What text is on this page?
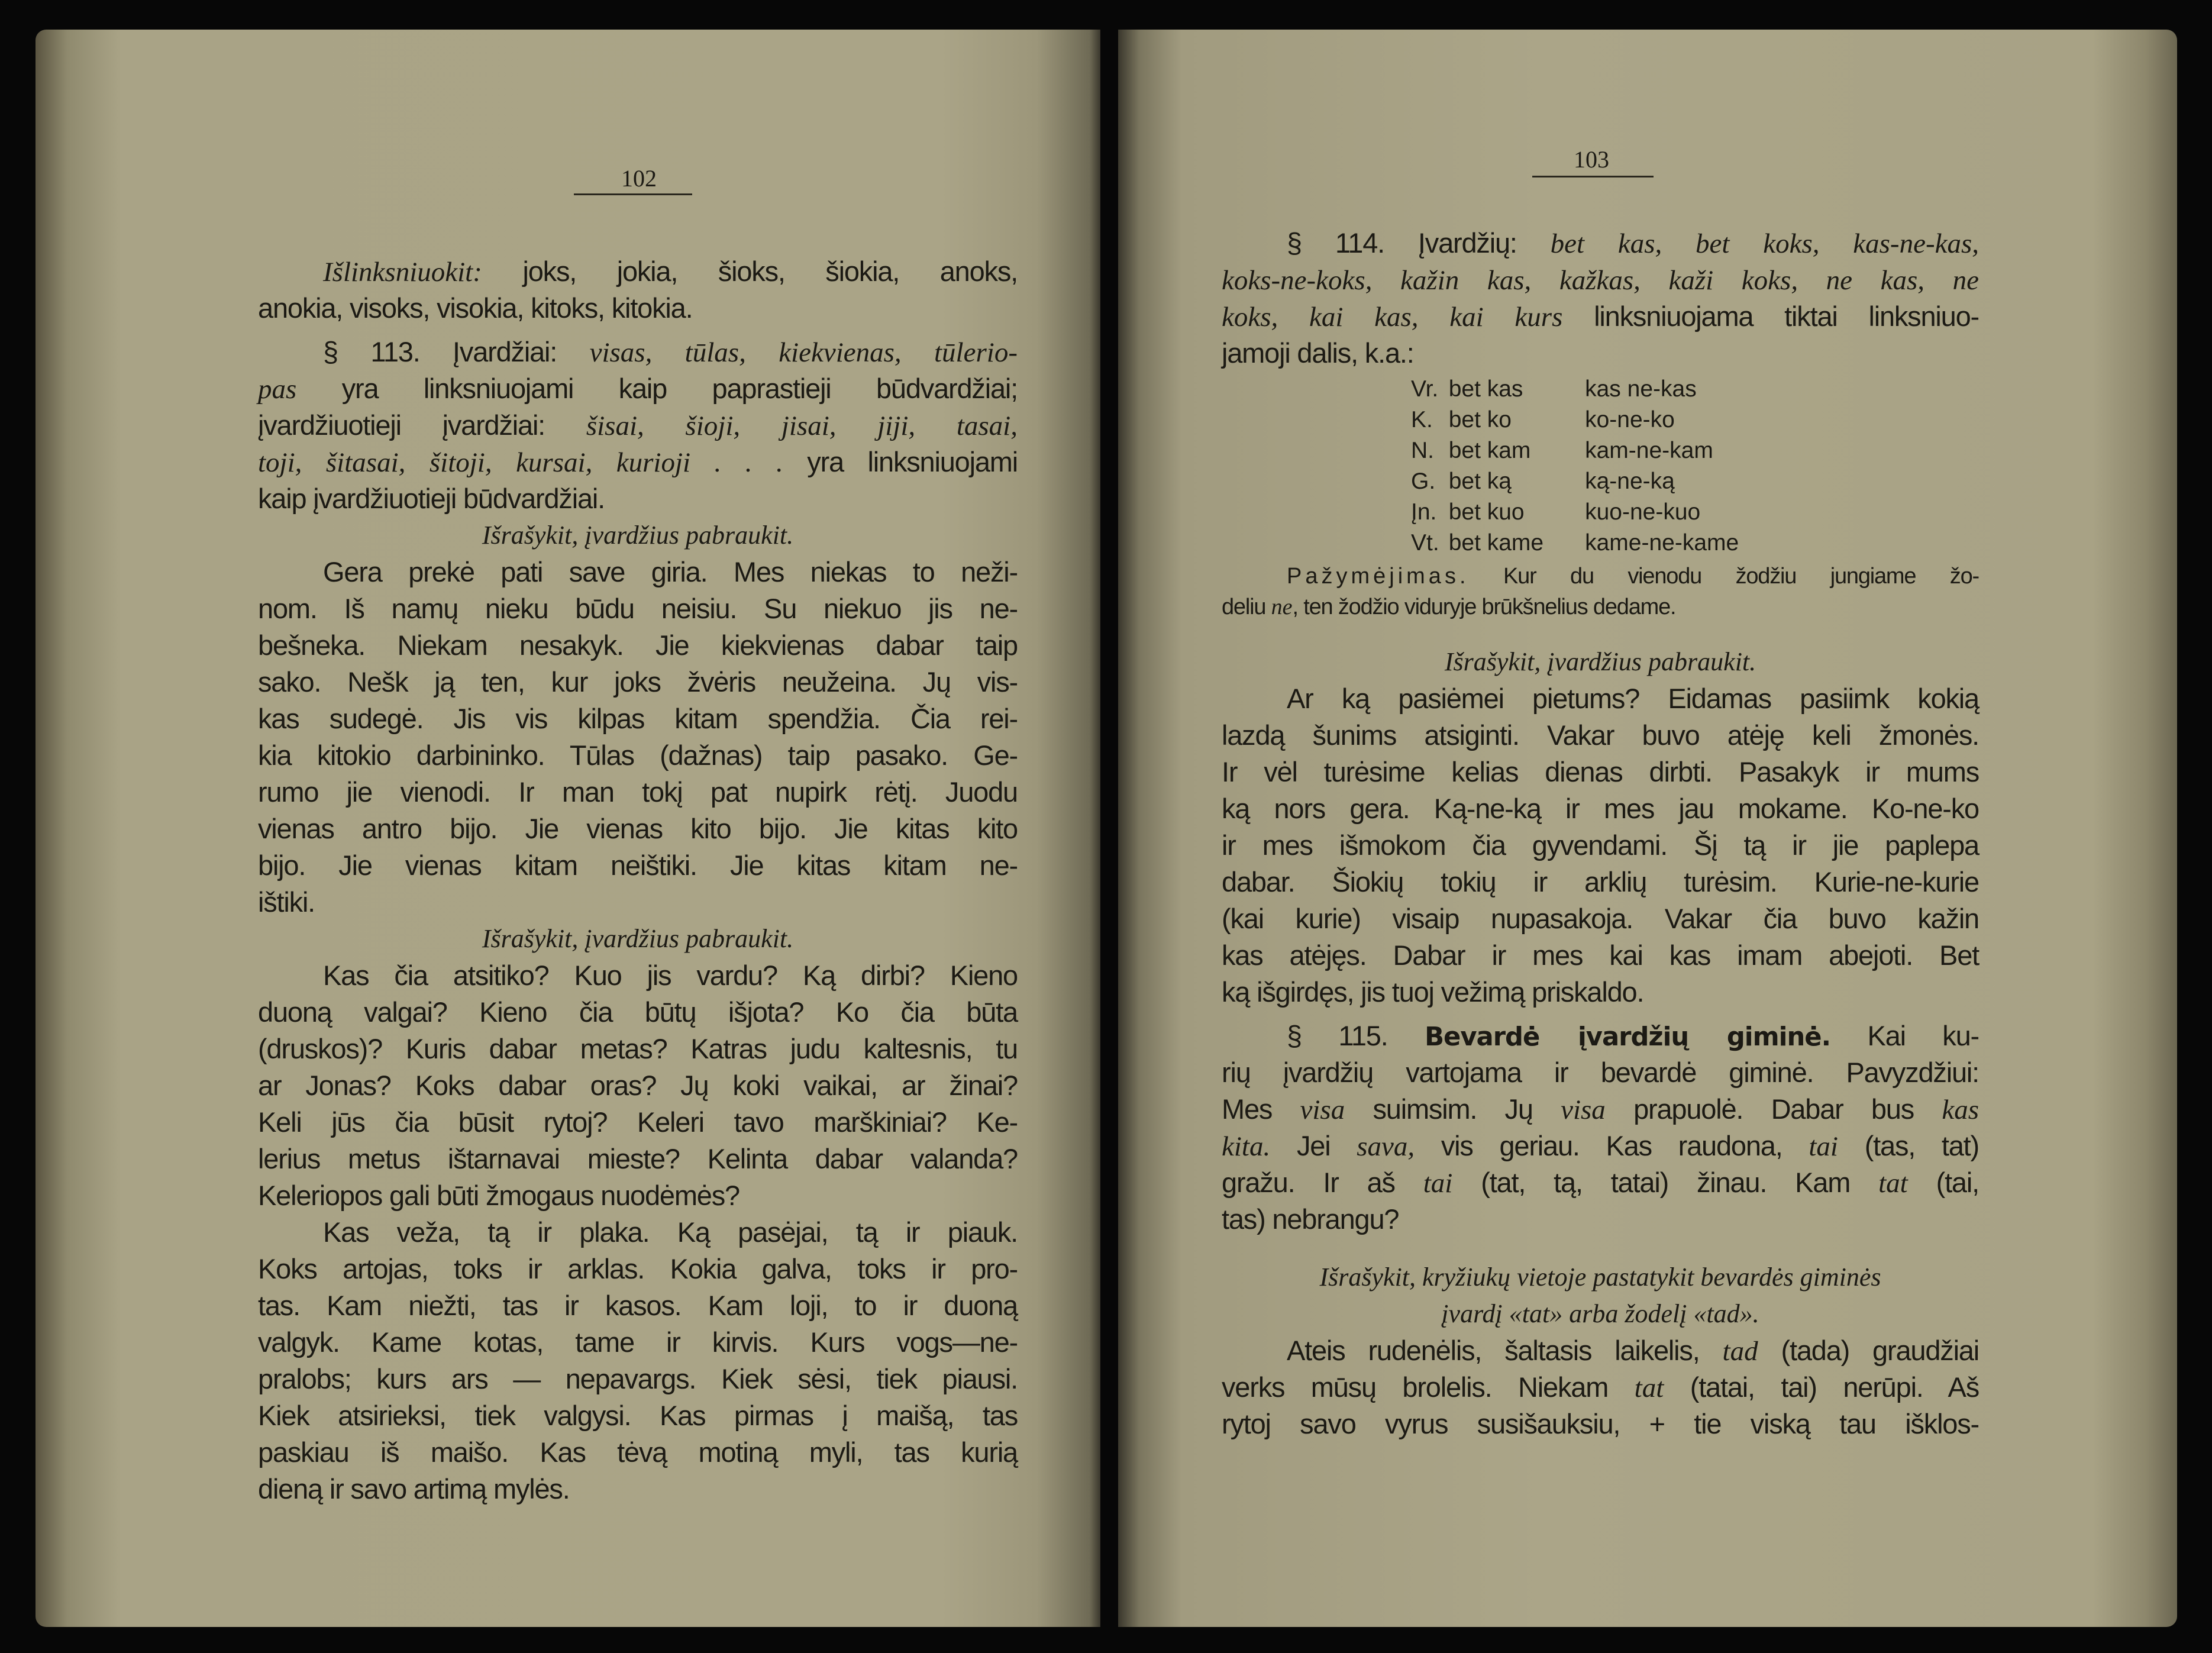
102
Išlinksniuokit: joks, jokia, šioks, šiokia, anoks,
anokia, visoks, visokia, kitoks, kitokia.
§ 113. Įvardžiai: visas, tūlas, kiekvienas, tūlerio-
pas yra linksniuojami kaip paprastieji būdvardžiai;
įvardžiuotieji įvardžiai: šisai, šioji, jisai, jiji, tasai,
toji, šitasai, šitoji, kursai, kurioji . . . yra linksniuojami
kaip įvardžiuotieji būdvardžiai.
Išrašykit, įvardžius pabraukit.
Gera prekė pati save giria. Mes niekas to neži-
nom. Iš namų nieku būdu neisiu. Su niekuo jis ne-
bešneka. Niekam nesakyk. Jie kiekvienas dabar taip
sako. Nešk ją ten, kur joks žvėris neužeina. Jų vis-
kas sudegė. Jis vis kilpas kitam spendžia. Čia rei-
kia kitokio darbininko. Tūlas (dažnas) taip pasako. Ge-
rumo jie vienodi. Ir man tokį pat nupirk rėtį. Juodu
vienas antro bijo. Jie vienas kito bijo. Jie kitas kito
bijo. Jie vienas kitam neištiki. Jie kitas kitam ne-
ištiki.
Išrašykit, įvardžius pabraukit.
Kas čia atsitiko? Kuo jis vardu? Ką dirbi? Kieno
duoną valgai? Kieno čia būtų išjota? Ko čia būta
(druskos)? Kuris dabar metas? Katras judu kaltesnis, tu
ar Jonas? Koks dabar oras? Jų koki vaikai, ar žinai?
Keli jūs čia būsit rytoj? Keleri tavo marškiniai? Ke-
lerius metus ištarnavai mieste? Kelinta dabar valanda?
Keleriopos gali būti žmogaus nuodėmės?
Kas veža, tą ir plaka. Ką pasėjai, tą ir piauk.
Koks artojas, toks ir arklas. Kokia galva, toks ir pro-
tas. Kam niežti, tas ir kasos. Kam loji, to ir duoną
valgyk. Kame kotas, tame ir kirvis. Kurs vogs—ne-
pralobs; kurs ars — nepavargs. Kiek sėsi, tiek piausi.
Kiek atsirieksi, tiek valgysi. Kas pirmas į maišą, tas
paskiau iš maišo. Kas tėvą motiną myli, tas kurią
dieną ir savo artimą mylės.
103
§ 114. Įvardžių: bet kas, bet koks, kas-ne-kas,
koks-ne-koks, kažin kas, kažkas, kaži koks, ne kas, ne
koks, kai kas, kai kurs linksniuojama tiktai linksniuo-
jamoji dalis, k.a.:
Vr.	bet kas	kas ne-kas
K.	bet ko	ko-ne-ko
N.	bet kam	kam-ne-kam
G.	bet ką	ką-ne-ką
Įn.	bet kuo	kuo-ne-kuo
Vt.	bet kame	kame-ne-kame
Pažymėjimas. Kur du vienodu žodžiu jungiame žo-
deliu ne, ten žodžio viduryje brūkšnelius dedame.
Išrašykit, įvardžius pabraukit.
Ar ką pasiėmei pietums? Eidamas pasiimk kokią
lazdą šunims atsiginti. Vakar buvo atėję keli žmonės.
Ir vėl turėsime kelias dienas dirbti. Pasakyk ir mums
ką nors gera. Ką-ne-ką ir mes jau mokame. Ko-ne-ko
ir mes išmokom čia gyvendami. Šį tą ir jie paplepa
dabar. Šiokių tokių ir arklių turėsim. Kurie-ne-kurie
(kai kurie) visaip nupasakoja. Vakar čia buvo kažin
kas atėjęs. Dabar ir mes kai kas imam abejoti. Bet
ką išgirdęs, jis tuoj vežimą priskaldo.
§ 115. Bevardė įvardžių giminė. Kai ku-
rių įvardžių vartojama ir bevardė giminė. Pavyzdžiui:
Mes visa suimsim. Jų visa prapuolė. Dabar bus kas
kita. Jei sava, vis geriau. Kas raudona, tai (tas, tat)
gražu. Ir aš tai (tat, tą, tatai) žinau. Kam tat (tai,
tas) nebrangu?
Išrašykit, kryžiukų vietoje pastatykit bevardės giminės
įvardį «tat» arba žodelį «tad».
Ateis rudenėlis, šaltasis laikelis, tad (tada) graudžiai
verks mūsų brolelis. Niekam tat (tatai, tai) nerūpi. Aš
rytoj savo vyrus susišauksiu, + tie viską tau išklos-
